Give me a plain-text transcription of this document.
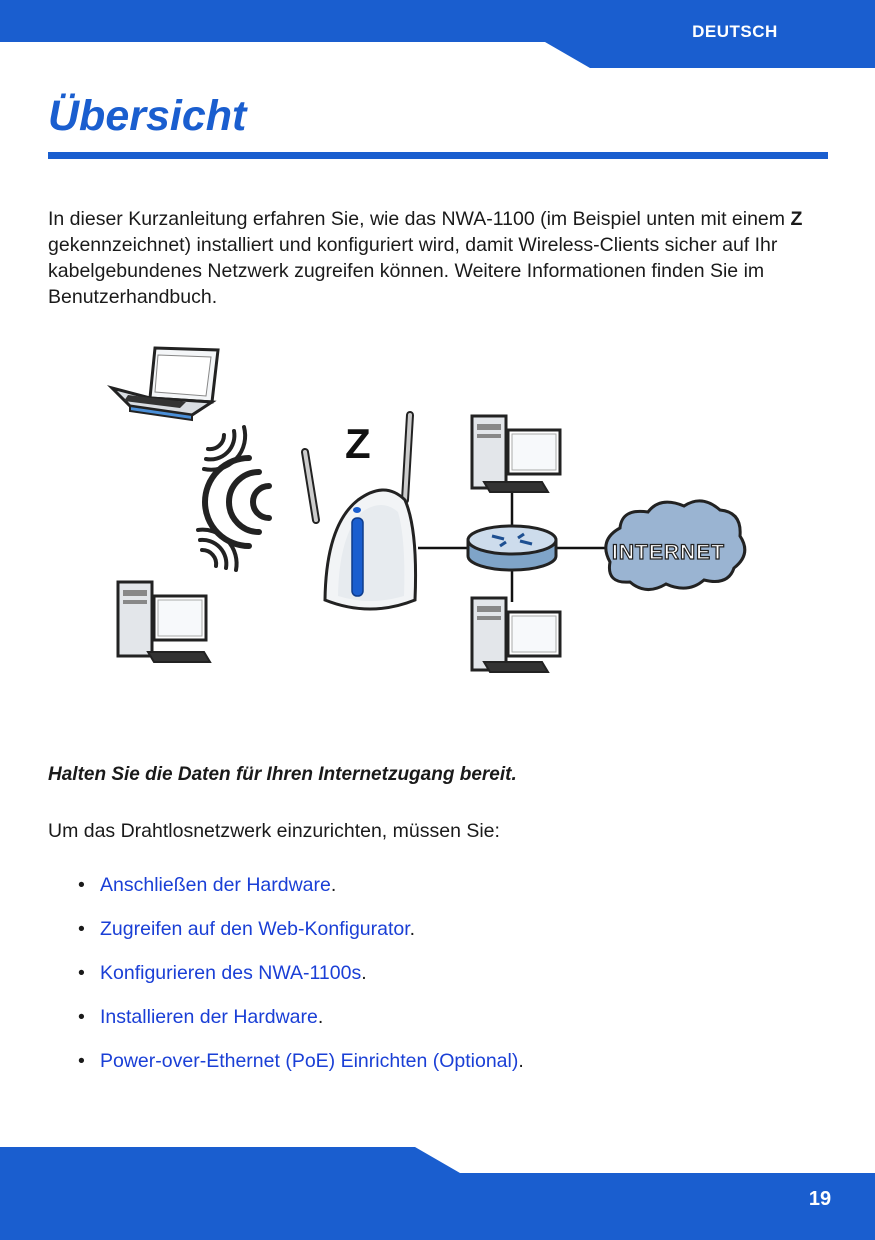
DEUTSCH
Übersicht

In dieser Kurzanleitung erfahren Sie, wie das NWA-1100 (im Beispiel unten mit einem Z gekennzeichnet) installiert und konfiguriert wird, damit Wireless-Clients sicher auf Ihr kabelgebundenes Netzwerk zugreifen können. Weitere Informationen finden Sie im Benutzerhandbuch.

Z
INTERNET
Halten Sie die Daten für Ihren Internetzugang bereit.

Um das Drahtlosnetzwerk einzurichten, müssen Sie:

• Anschließen der Hardware.
• Zugreifen auf den Web-Konfigurator.
• Konfigurieren des NWA-1100s.
• Installieren der Hardware.
• Power-over-Ethernet (PoE) Einrichten (Optional).
19
